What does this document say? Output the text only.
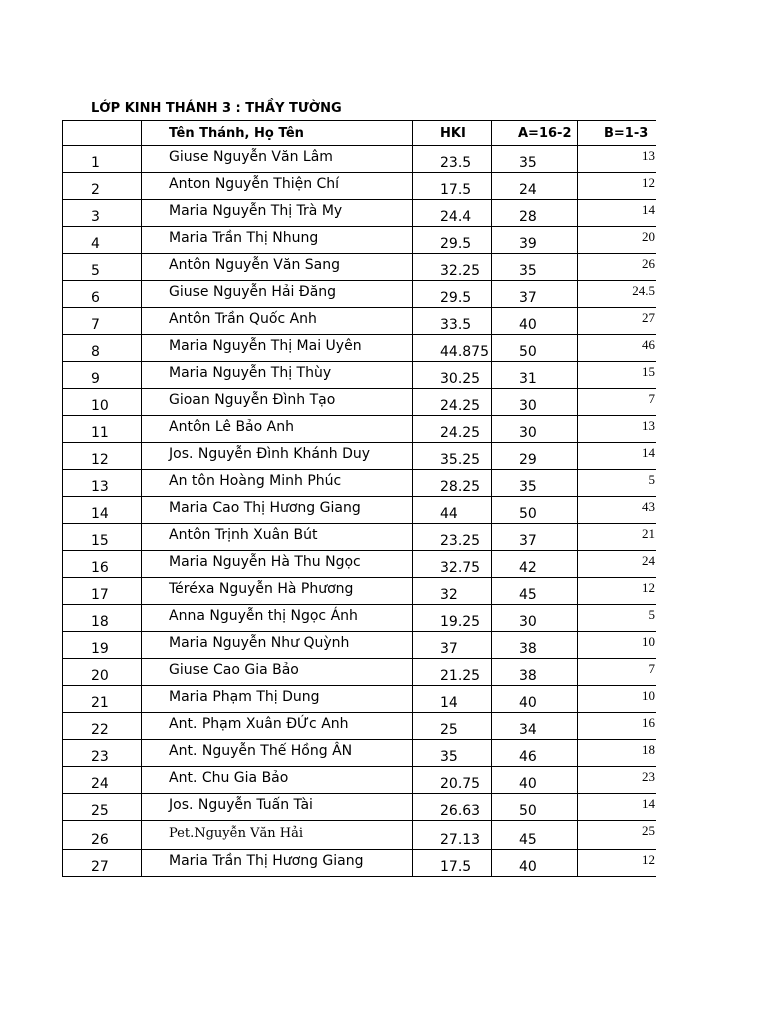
LỚP KINH THÁNH 3 : THẦY TƯỜNG
	Tên Thánh, Họ Tên	HKI	A=16-2	B=1-3
1	Giuse Nguyễn Văn Lâm	23.5	35	13
2	Anton Nguyễn Thiện Chí	17.5	24	12
3	Maria Nguyễn Thị Trà My	24.4	28	14
4	Maria Trần Thị Nhung	29.5	39	20
5	Antôn Nguyễn Văn Sang	32.25	35	26
6	Giuse Nguyễn Hải Đăng	29.5	37	24.5
7	Antôn Trần Quốc Anh	33.5	40	27
8	Maria Nguyễn Thị Mai Uyên	44.875	50	46
9	Maria Nguyễn Thị Thùy	30.25	31	15
10	Gioan Nguyễn Đình Tạo	24.25	30	7
11	Antôn Lê Bảo Anh	24.25	30	13
12	Jos. Nguyễn Đình Khánh Duy	35.25	29	14
13	An tôn Hoàng Minh Phúc	28.25	35	5
14	Maria Cao Thị Hương Giang	44	50	43
15	Antôn Trịnh Xuân Bút	23.25	37	21
16	Maria Nguyễn Hà Thu Ngọc	32.75	42	24
17	Téréxa Nguyễn Hà Phương	32	45	12
18	Anna Nguyễn thị Ngọc Ánh	19.25	30	5
19	Maria Nguyễn Như Quỳnh	37	38	10
20	Giuse Cao Gia Bảo	21.25	38	7
21	Maria Phạm Thị Dung	14	40	10
22	Ant. Phạm Xuân ĐỨc Anh	25	34	16
23	Ant. Nguyễn Thế Hồng ÂN	35	46	18
24	Ant. Chu Gia Bảo	20.75	40	23
25	Jos. Nguyễn Tuấn Tài	26.63	50	14
26	Pet.Nguyễn Văn Hải	27.13	45	25
27	Maria Trần Thị Hương Giang	17.5	40	12
